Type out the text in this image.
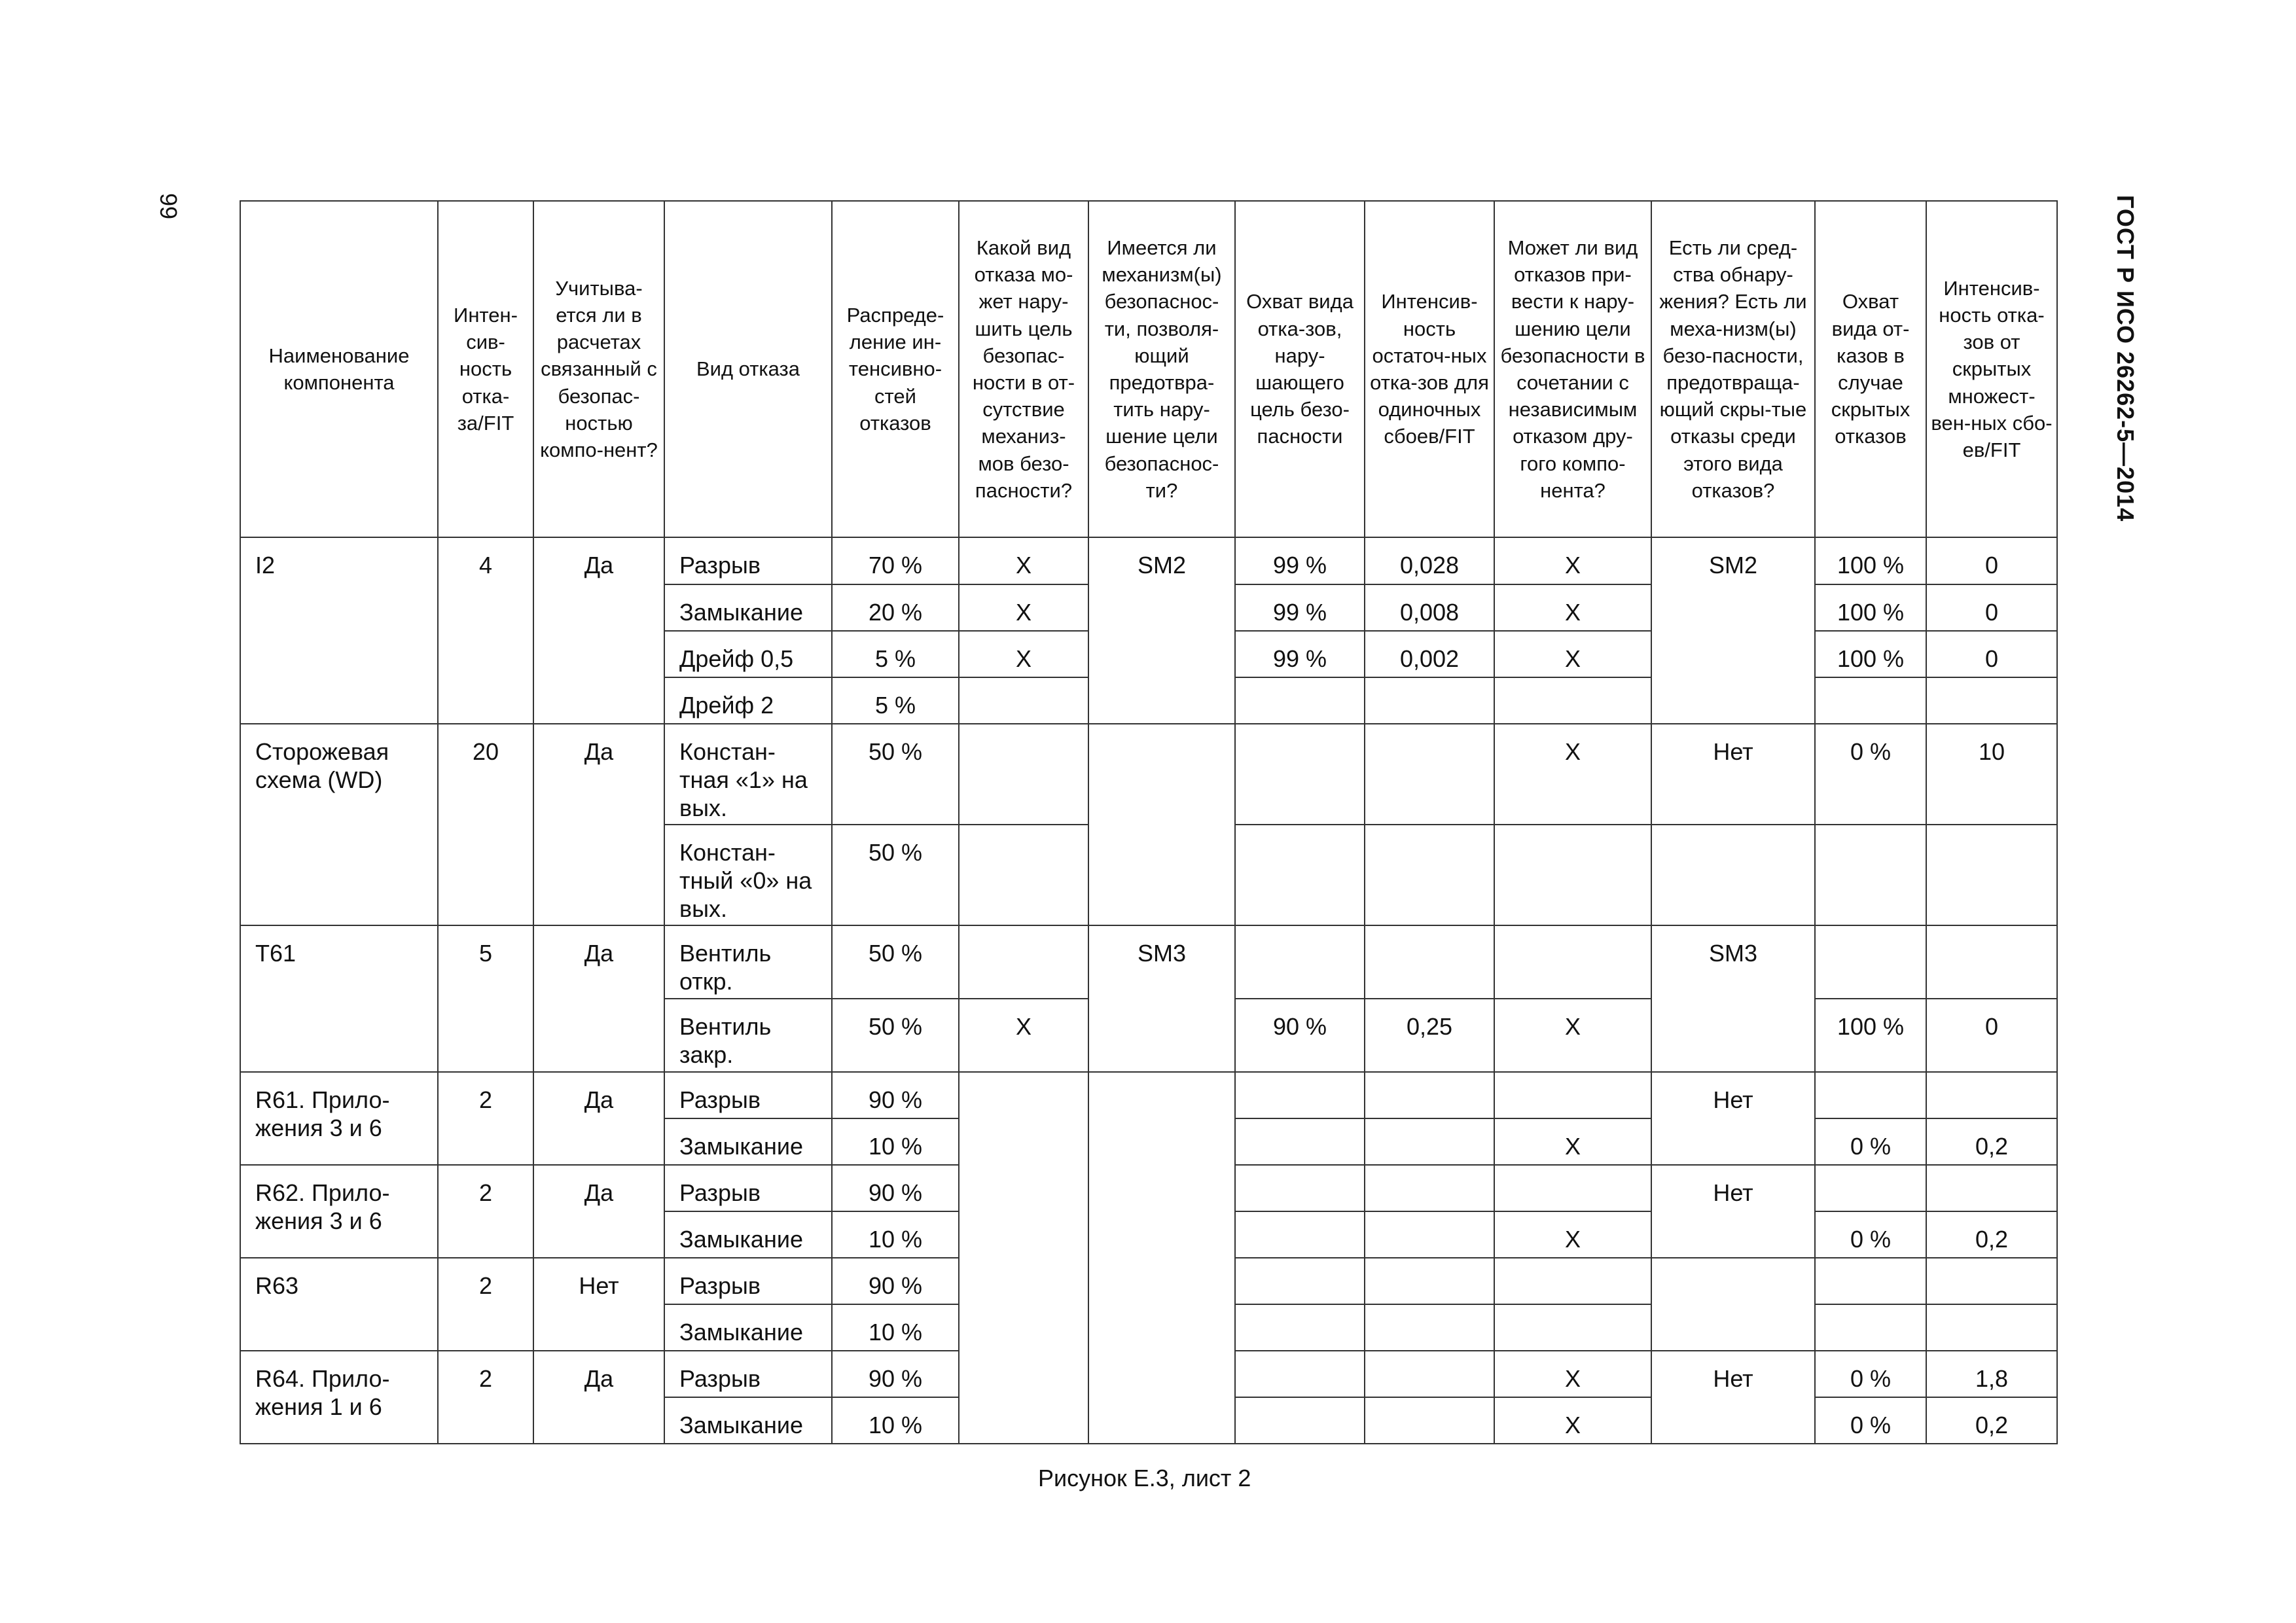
99	ГОСТ Р ИСО 26262-5—2014
Наименование компонента	Интен-сив-ность отка-за/FIT	Учитыва-ется ли в расчетах связанный с безопас-ностью компо-нент?	Вид отказа	Распреде-ление ин-тенсивно-стей отказов	Какой вид отказа мо-жет нару-шить цель безопас-ности в от-сутствие механиз-мов безо-пасности?	Имеется ли механизм(ы) безопаснос-ти, позволя-ющий предотвра-тить нару-шение цели безопаснос-ти?	Охват вида отка-зов, нару-шающего цель безо-пасности	Интенсив-ность остаточ-ных отка-зов для одиночных сбоев/FIT	Может ли вид отказов при-вести к нару-шению цели безопасности в сочетании с независимым отказом дру-гого компо-нента?	Есть ли сред-ства обнару-жения? Есть ли меха-низм(ы) безо-пасности, предотвраща-ющий скры-тые отказы среди этого вида отказов?	Охват вида от-казов в случае скрытых отказов	Интенсив-ность отка-зов от скрытых множест-вен-ных сбо-ев/FIT
I2	4	Да	Разрыв	70 %	X	SM2	99 %	0,028	X	SM2	100 %	0
			Замыкание	20 %	X		99 %	0,008	X		100 %	0
			Дрейф 0,5	5 %	X		99 %	0,002	X		100 %	0
			Дрейф 2	5 %								
Сторожевая схема (WD)	20	Да	Констан-тная «1» на вых.	50 %					X	Нет	0 %	10
			Констан-тный «0» на вых.	50 %								
T61	5	Да	Вентиль откр.	50 %		SM3				SM3		
			Вентиль закр.	50 %	X		90 %	0,25	X		100 %	0
R61. Прило-жения 3 и 6	2	Да	Разрыв	90 %						Нет		
			Замыкание	10 %					X		0 %	0,2
R62. Прило-жения 3 и 6	2	Да	Разрыв	90 %						Нет		
			Замыкание	10 %					X		0 %	0,2
R63	2	Нет	Разрыв	90 %								
			Замыкание	10 %								
R64. Прило-жения 1 и 6	2	Да	Разрыв	90 %					X	Нет	0 %	1,8
			Замыкание	10 %					X		0 %	0,2
Рисунок Е.3, лист 2
